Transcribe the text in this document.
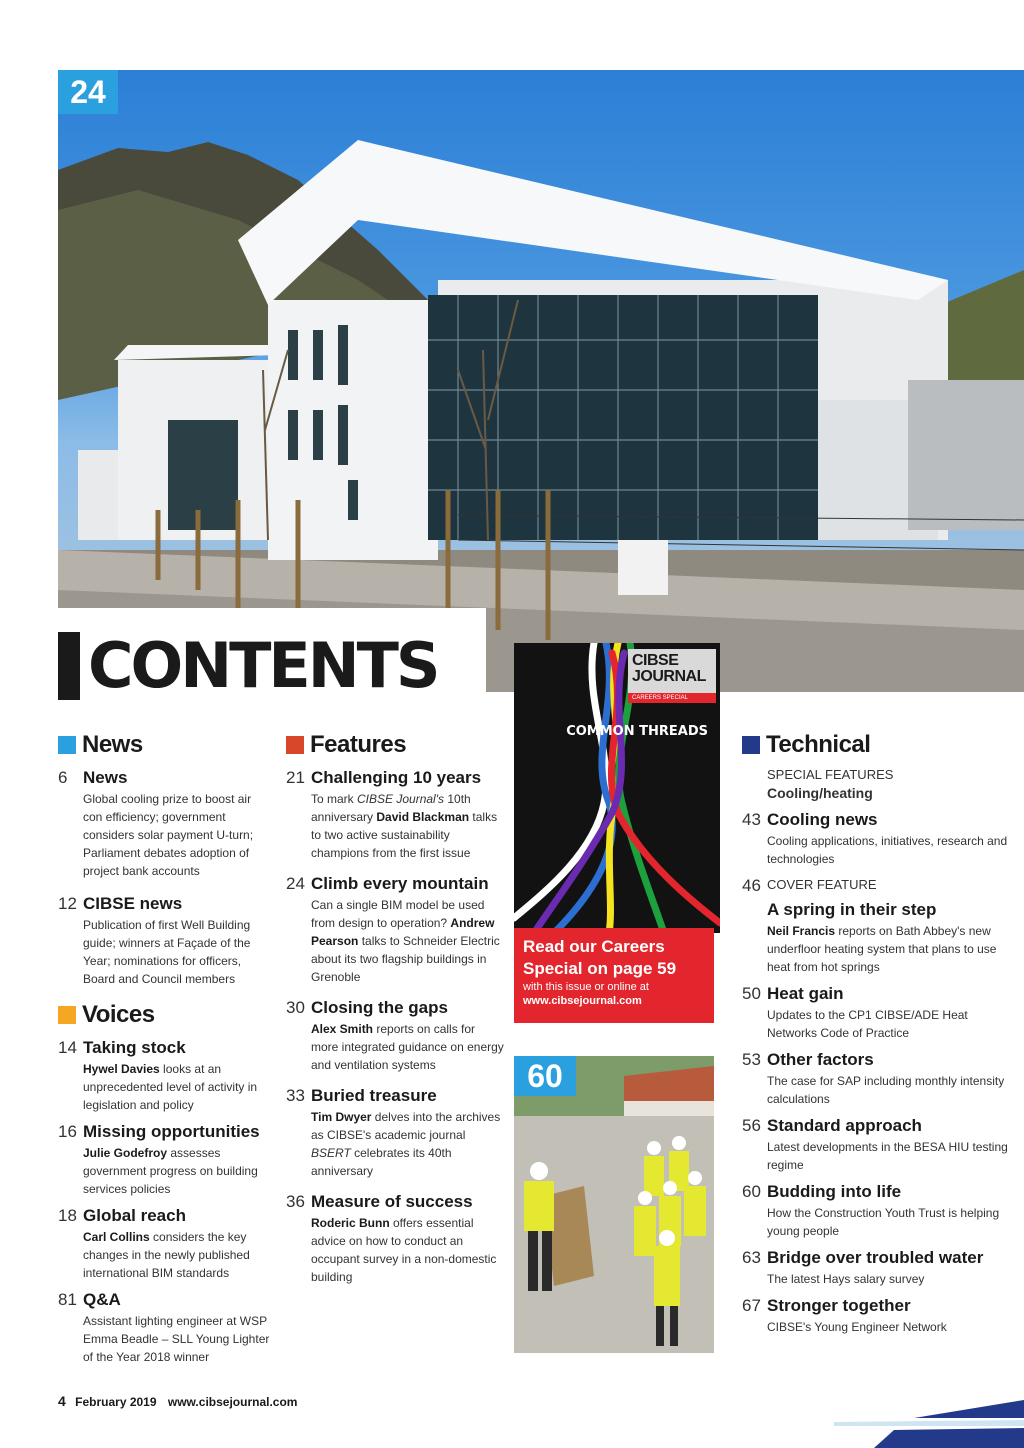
24
CONTENTS
News
6 News
Global cooling prize to boost air con efficiency; government considers solar payment U-turn; Parliament debates adoption of project bank accounts
12 CIBSE news
Publication of first Well Building guide; winners at Façade of the Year; nominations for officers, Board and Council members
Voices
14 Taking stock
Hywel Davies looks at an unprecedented level of activity in legislation and policy
16 Missing opportunities
Julie Godefroy assesses government progress on building services policies
18 Global reach
Carl Collins considers the key changes in the newly published international BIM standards
81 Q&A
Assistant lighting engineer at WSP Emma Beadle – SLL Young Lighter of the Year 2018 winner
Features
21 Challenging 10 years
To mark CIBSE Journal's 10th anniversary David Blackman talks to two active sustainability champions from the first issue
24 Climb every mountain
Can a single BIM model be used from design to operation? Andrew Pearson talks to Schneider Electric about its two flagship buildings in Grenoble
30 Closing the gaps
Alex Smith reports on calls for more integrated guidance on energy and ventilation systems
33 Buried treasure
Tim Dwyer delves into the archives as CIBSE's academic journal BSERT celebrates its 40th anniversary
36 Measure of success
Roderic Bunn offers essential advice on how to conduct an occupant survey in a non-domestic building
CIBSE JOURNAL
CAREERS SPECIAL
COMMON THREADS
Read our Careers Special on page 59
with this issue or online at
www.cibsejournal.com
60
Technical
SPECIAL FEATURES
Cooling/heating
43 Cooling news
Cooling applications, initiatives, research and technologies
46 COVER FEATURE
A spring in their step
Neil Francis reports on Bath Abbey's new underfloor heating system that plans to use heat from hot springs
50 Heat gain
Updates to the CP1 CIBSE/ADE Heat Networks Code of Practice
53 Other factors
The case for SAP including monthly intensity calculations
56 Standard approach
Latest developments in the BESA HIU testing regime
60 Budding into life
How the Construction Youth Trust is helping young people
63 Bridge over troubled water
The latest Hays salary survey
67 Stronger together
CIBSE's Young Engineer Network
4 February 2019 www.cibsejournal.com
